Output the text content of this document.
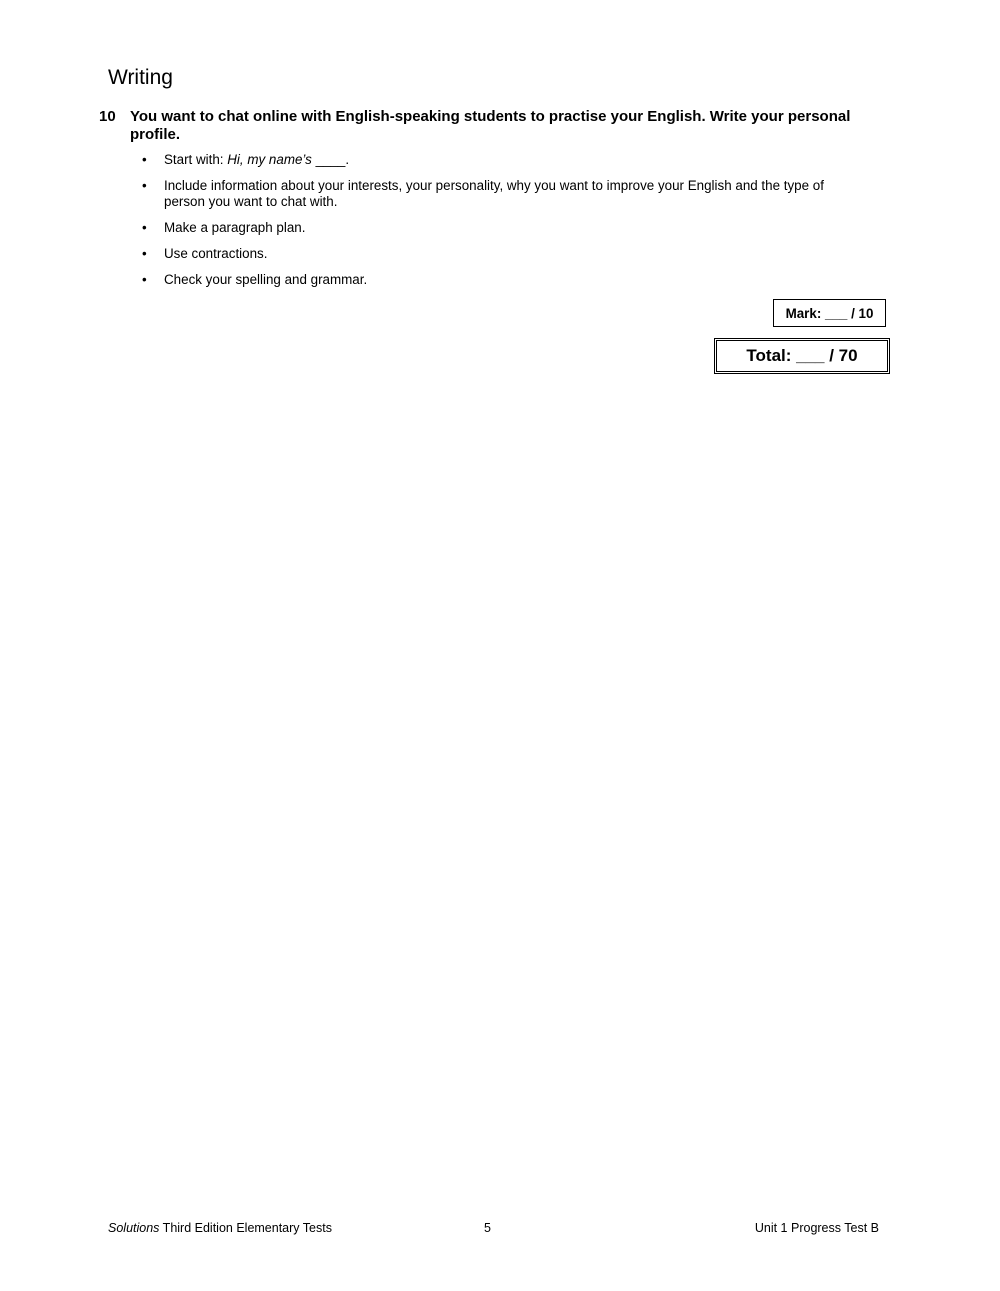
Writing
10 You want to chat online with English-speaking students to practise your English. Write your personal profile.
• Start with: Hi, my name’s ____.
• Include information about your interests, your personality, why you want to improve your English and the type of person you want to chat with.
• Make a paragraph plan.
• Use contractions.
• Check your spelling and grammar.
Mark: ___ / 10
Total: ___ / 70
Solutions Third Edition Elementary Tests	5	Unit 1 Progress Test B
